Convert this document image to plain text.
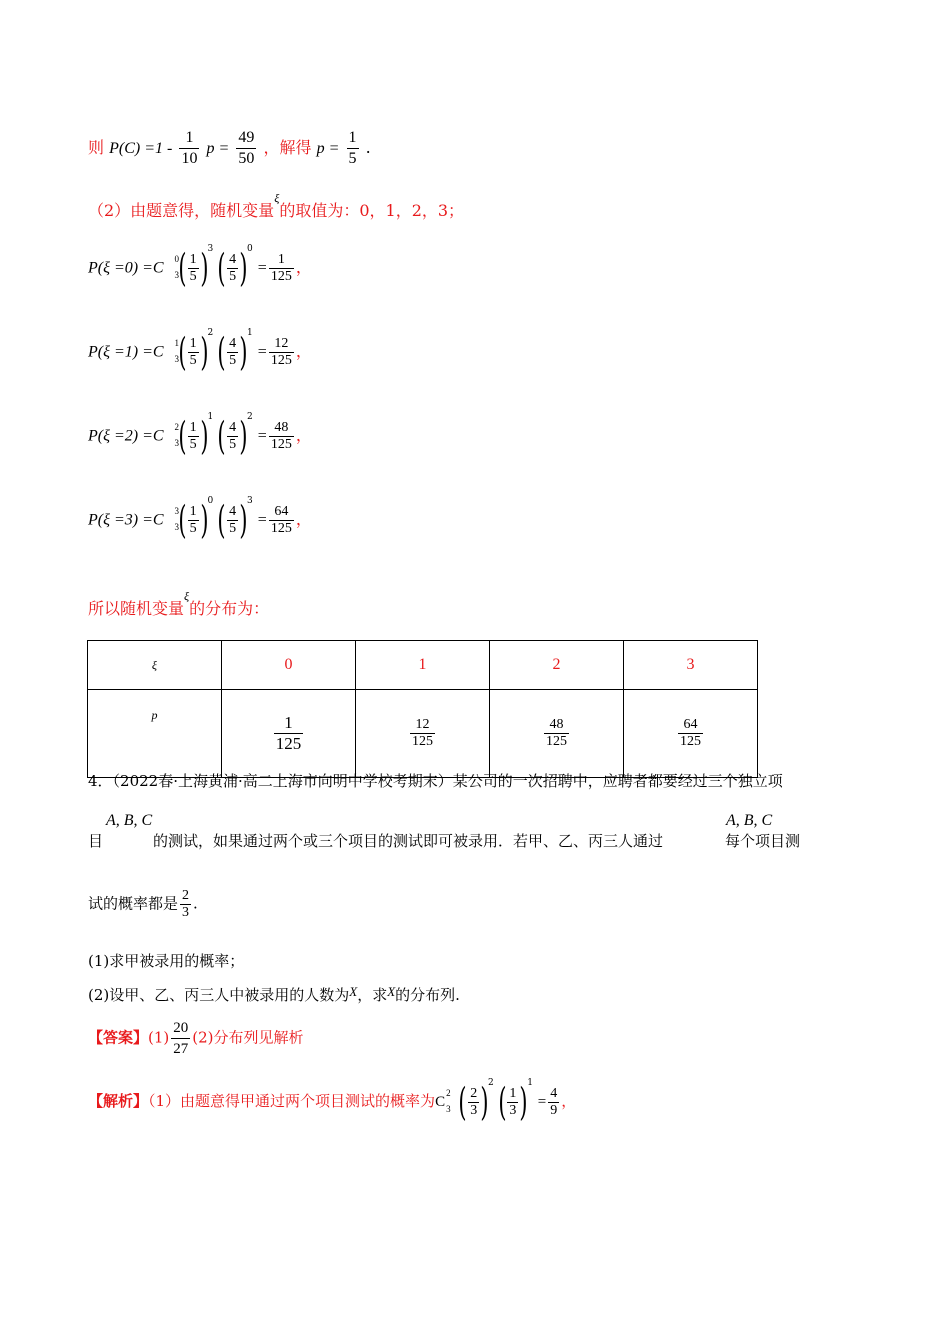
则 $P(C) =1 - \frac{1}{10}$ $p = \frac{49}{50}$ ，解得 $p = \frac{1}{5}$ .
（2）由题意得，随机变量$^\xi$的取值为：0，1，2，3；
P(ξ =0) =C
0
3 ( $\frac{1}{5} )^3$ ( $\frac{4}{5} )^0 = \frac{1}{125}$ ，
P(ξ =1) =C
1
3 ( $\frac{1}{5} )^2$ ( $\frac{4}{5} )^1 = \frac{12}{125}$ ，
P(ξ =2) =C
2
3 ( $\frac{1}{5} )^1$ ( $\frac{4}{5} )^2 = \frac{48}{125}$ ，
P(ξ =3) =C
3
3 ( $\frac{1}{5} )^0$ ( $\frac{4}{5} )^3 = \frac{64}{125}$ ，
所以随机变量$^\xi$的分布为：
ξ	0	1	2	3
p	$\frac{1}{125}$	$\frac{12}{125}$	$\frac{48}{125}$	$\frac{64}{125}$
4．（2022春·上海黄浦·高二上海市向明中学校考期末）某公司的一次招聘中，应聘者都要经过三个独立项
A, B, C
目	的测试，如果通过两个或三个项目的测试即可被录用．若甲、乙、丙三人通过	每个项目测
A, B, C
试的概率都是 $\frac{2}{3}$ .
(1)求甲被录用的概率；
(2)设甲、乙、丙三人中被录用的人数为X，求X的分布列.
【答案】$(1) \frac{20}{27} (2)$分布列见解析
【解析】（1）由题意得甲通过两个项目测试的概率为C
2
3 ( $\frac{2}{3} )^2$ ( $\frac{1}{3} )^1 = \frac{4}{9}$ ，
